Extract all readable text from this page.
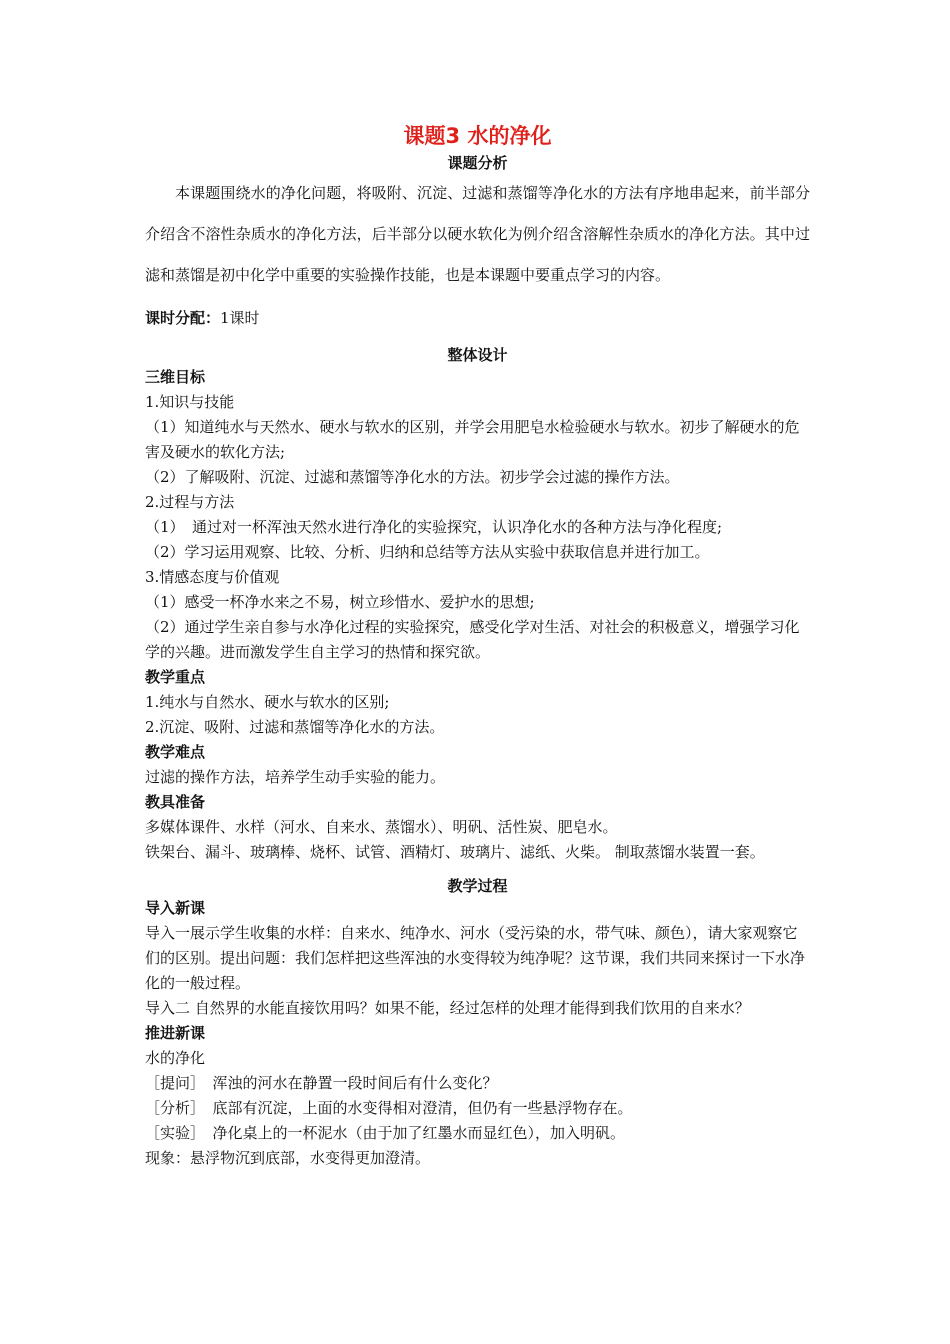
课题3 水的净化

课题分析

本课题围绕水的净化问题，将吸附、沉淀、过滤和蒸馏等净化水的方法有序地串起来，前半部分介绍含不溶性杂质水的净化方法，后半部分以硬水软化为例介绍含溶解性杂质水的净化方法。其中过滤和蒸馏是初中化学中重要的实验操作技能，也是本课题中要重点学习的内容。

课时分配：1课时

整体设计

三维目标

1.知识与技能

（1）知道纯水与天然水、硬水与软水的区别，并学会用肥皂水检验硬水与软水。初步了解硬水的危害及硬水的软化方法;

（2）了解吸附、沉淀、过滤和蒸馏等净化水的方法。初步学会过滤的操作方法。

2.过程与方法

（1）　通过对一杯浑浊天然水进行净化的实验探究，认识净化水的各种方法与净化程度;

（2）学习运用观察、比较、分析、归纳和总结等方法从实验中获取信息并进行加工。

3.情感态度与价值观

（1）感受一杯净水来之不易，树立珍惜水、爱护水的思想;

（2）通过学生亲自参与水净化过程的实验探究，感受化学对生活、对社会的积极意义，增强学习化学的兴趣。进而激发学生自主学习的热情和探究欲。

教学重点

1.纯水与自然水、硬水与软水的区别;

2.沉淀、吸附、过滤和蒸馏等净化水的方法。

教学难点

过滤的操作方法，培养学生动手实验的能力。

教具准备

多媒体课件、水样（河水、自来水、蒸馏水）、明矾、活性炭、肥皂水。

铁架台、漏斗、玻璃棒、烧杯、试管、酒精灯、玻璃片、滤纸、火柴。 制取蒸馏水装置一套。

教学过程

导入新课

导入一展示学生收集的水样：自来水、纯净水、河水（受污染的水，带气味、颜色），请大家观察它们的区别。提出问题：我们怎样把这些浑浊的水变得较为纯净呢？这节课，我们共同来探讨一下水净化的一般过程。

导入二 自然界的水能直接饮用吗？如果不能，经过怎样的处理才能得到我们饮用的自来水？

推进新课

水的净化

［提问］　浑浊的河水在静置一段时间后有什么变化？

［分析］　底部有沉淀，上面的水变得相对澄清，但仍有一些悬浮物存在。

［实验］　净化桌上的一杯泥水（由于加了红墨水而显红色），加入明矾。

现象：悬浮物沉到底部，水变得更加澄清。
